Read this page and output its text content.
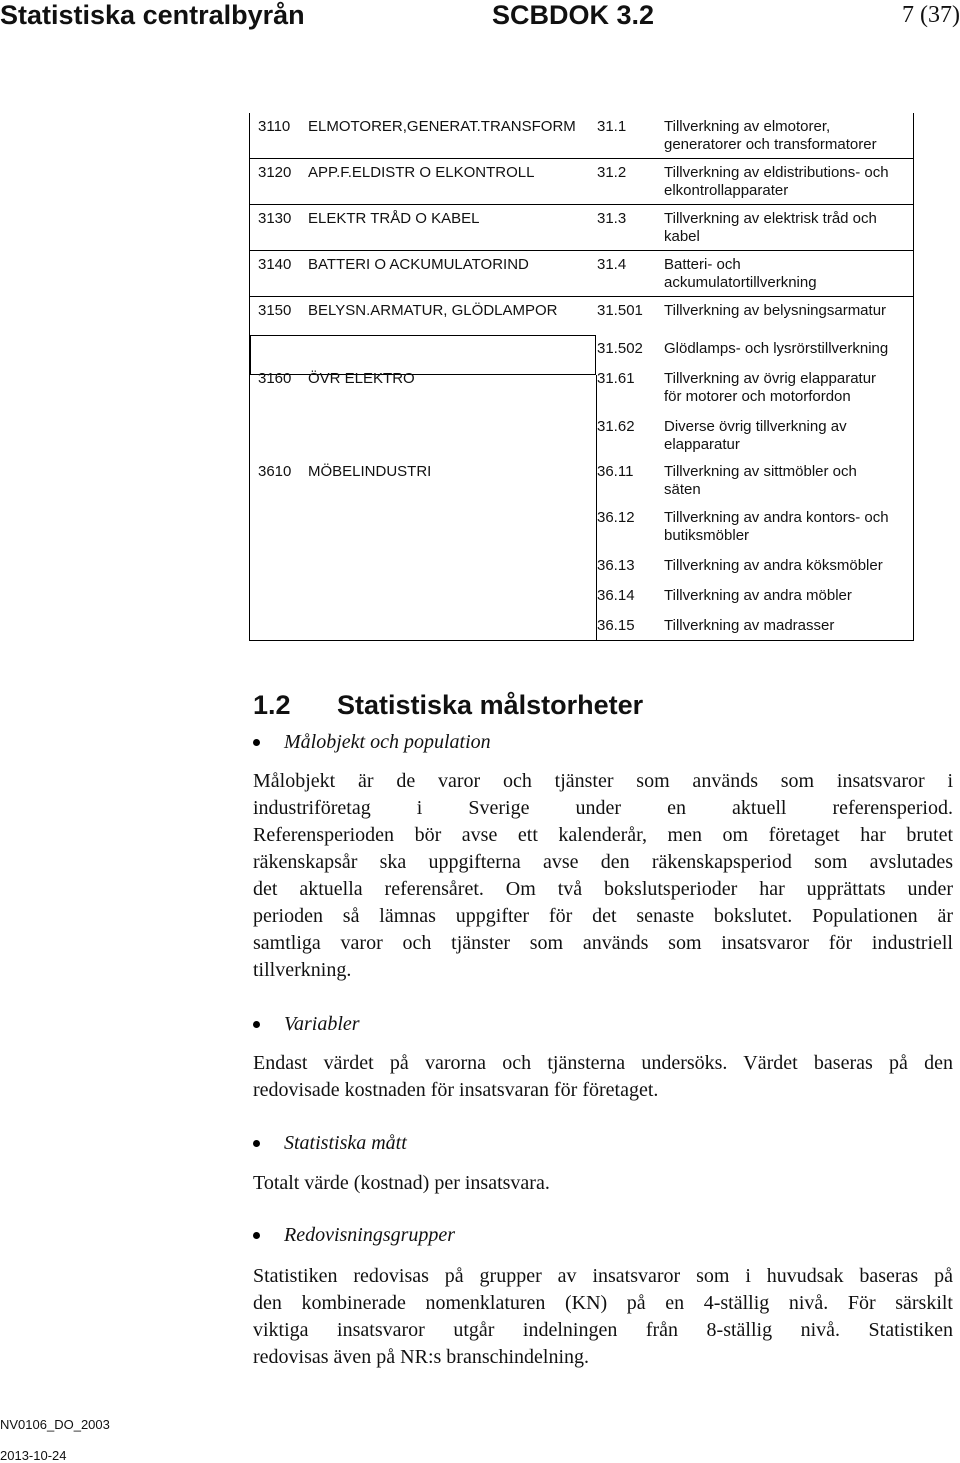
Statistiska centralbyrån	SCBDOK 3.2	7 (37)
3110 ELMOTORER,GENERAT.TRANSFORM 31.1	Tillverkning av elmotorer,
generatorer och transformatorer
3120 APP.F.ELDISTR O ELKONTROLL	31.2	Tillverkning av eldistributions- och
elkontrollapparater
3130 ELEKTR TRÅD O KABEL	31.3	Tillverkning av elektrisk tråd och
kabel
3140 BATTERI O ACKUMULATORIND	31.4	Batteri- och
ackumulatortillverkning
3150 BELYSN.ARMATUR, GLÖDLAMPOR	31.501 Tillverkning av belysningsarmatur
31.502 Glödlamps- och lysrörstillverkning
3160 ÖVR ELEKTRO	31.61 Tillverkning av övrig elapparatur
för motorer och motorfordon
31.62 Diverse övrig tillverkning av
elapparatur
3610 MÖBELINDUSTRI	36.11 Tillverkning av sittmöbler och
säten
36.12 Tillverkning av andra kontors- och
butiksmöbler
36.13 Tillverkning av andra köksmöbler
36.14 Tillverkning av andra möbler
36.15 Tillverkning av madrasser
1.2 Statistiska målstorheter
Målobjekt och population
Målobjekt är de varor och tjänster som används som insatsvaror i
industriföretag i Sverige under en aktuell referensperiod.
Referensperioden bör avse ett kalenderår, men om företaget har brutet
räkenskapsår ska uppgifterna avse den räkenskapsperiod som avslutades
det aktuella referensåret. Om två bokslutsperioder har upprättats under
perioden så lämnas uppgifter för det senaste bokslutet. Populationen är
samtliga varor och tjänster som används som insatsvaror för industriell
tillverkning.
Variabler
Endast värdet på varorna och tjänsterna undersöks. Värdet baseras på den
redovisade kostnaden för insatsvaran för företaget.
Statistiska mått
Totalt värde (kostnad) per insatsvara.
Redovisningsgrupper
Statistiken redovisas på grupper av insatsvaror som i huvudsak baseras på
den kombinerade nomenklaturen (KN) på en 4-ställig nivå. För särskilt
viktiga insatsvaror utgår indelningen från 8-ställig nivå. Statistiken
redovisas även på NR:s branschindelning.
NV0106_DO_2003
2013-10-24
